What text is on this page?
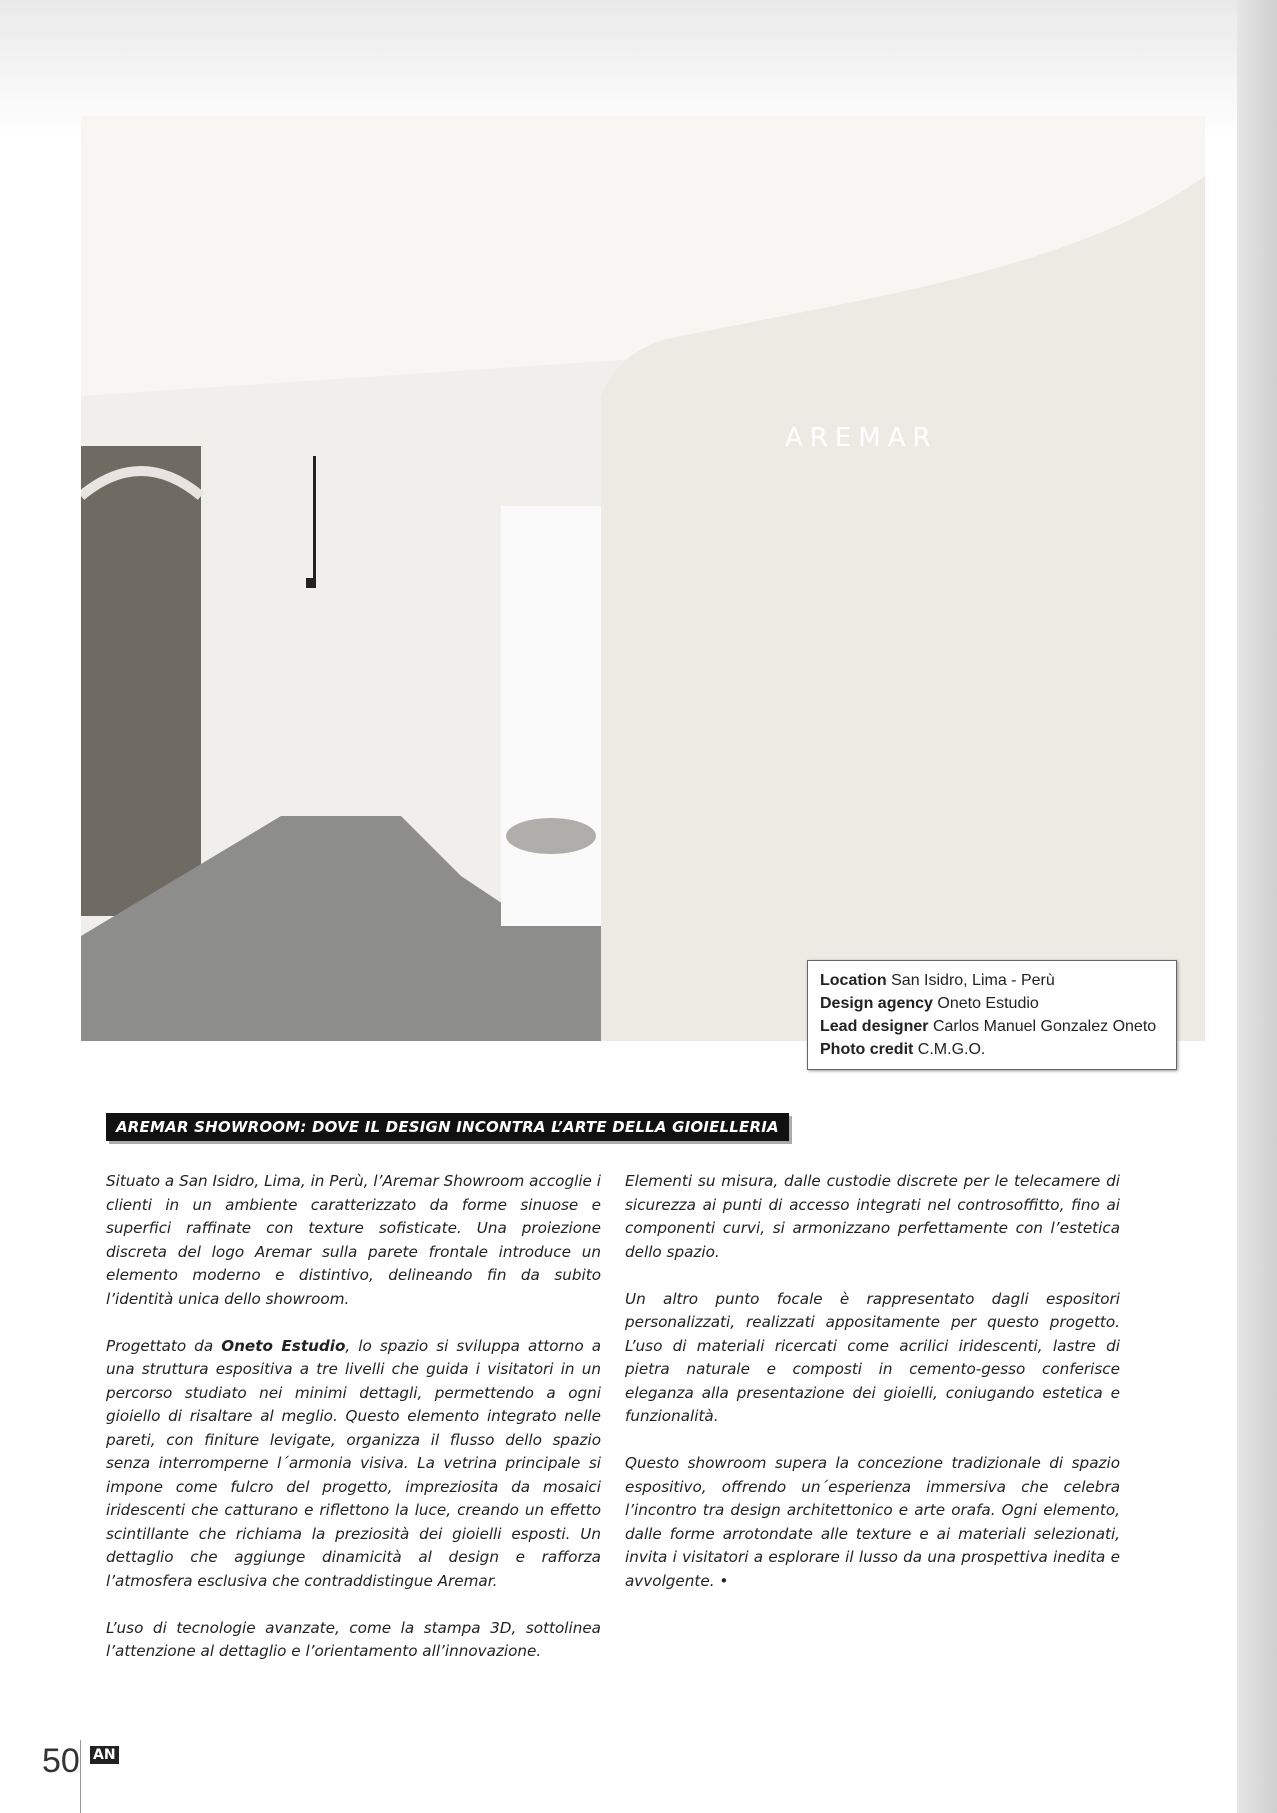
AREMAR
Location San Isidro, Lima - Perù
Design agency Oneto Estudio
Lead designer Carlos Manuel Gonzalez Oneto
Photo credit C.M.G.O.
AREMAR SHOWROOM: DOVE IL DESIGN INCONTRA L’ARTE DELLA GIOIELLERIA

Situato a San Isidro, Lima, in Perù, l’Aremar Showroom accoglie i clienti in un ambiente caratterizzato da forme sinuose e superfici raffinate con texture sofisticate. Una proiezione discreta del logo Aremar sulla parete frontale introduce un elemento moderno e distintivo, delineando fin da subito l’identità unica dello showroom.

Progettato da Oneto Estudio, lo spazio si sviluppa attorno a una struttura espositiva a tre livelli che guida i visitatori in un percorso studiato nei minimi dettagli, permettendo a ogni gioiello di risaltare al meglio. Questo elemento integrato nelle pareti, con finiture levigate, organizza il flusso dello spazio senza interromperne l´armonia visiva. La vetrina principale si impone come fulcro del progetto, impreziosita da mosaici iridescenti che catturano e riflettono la luce, creando un effetto scintillante che richiama la preziosità dei gioielli esposti. Un dettaglio che aggiunge dinamicità al design e rafforza l’atmosfera esclusiva che contraddistingue Aremar.

L’uso di tecnologie avanzate, come la stampa 3D, sottolinea l’attenzione al dettaglio e l’orientamento all’innovazione.

Elementi su misura, dalle custodie discrete per le telecamere di sicurezza ai punti di accesso integrati nel controsoffitto, fino ai componenti curvi, si armonizzano perfettamente con l’estetica dello spazio.

Un altro punto focale è rappresentato dagli espositori personalizzati, realizzati appositamente per questo progetto. L’uso di materiali ricercati come acrilici iridescenti, lastre di pietra naturale e composti in cemento-gesso conferisce eleganza alla presentazione dei gioielli, coniugando estetica e funzionalità.

Questo showroom supera la concezione tradizionale di spazio espositivo, offrendo un´esperienza immersiva che celebra l’incontro tra design architettonico e arte orafa. Ogni elemento, dalle forme arrotondate alle texture e ai materiali selezionati, invita i visitatori a esplorare il lusso da una prospettiva inedita e avvolgente. •

50 AN
